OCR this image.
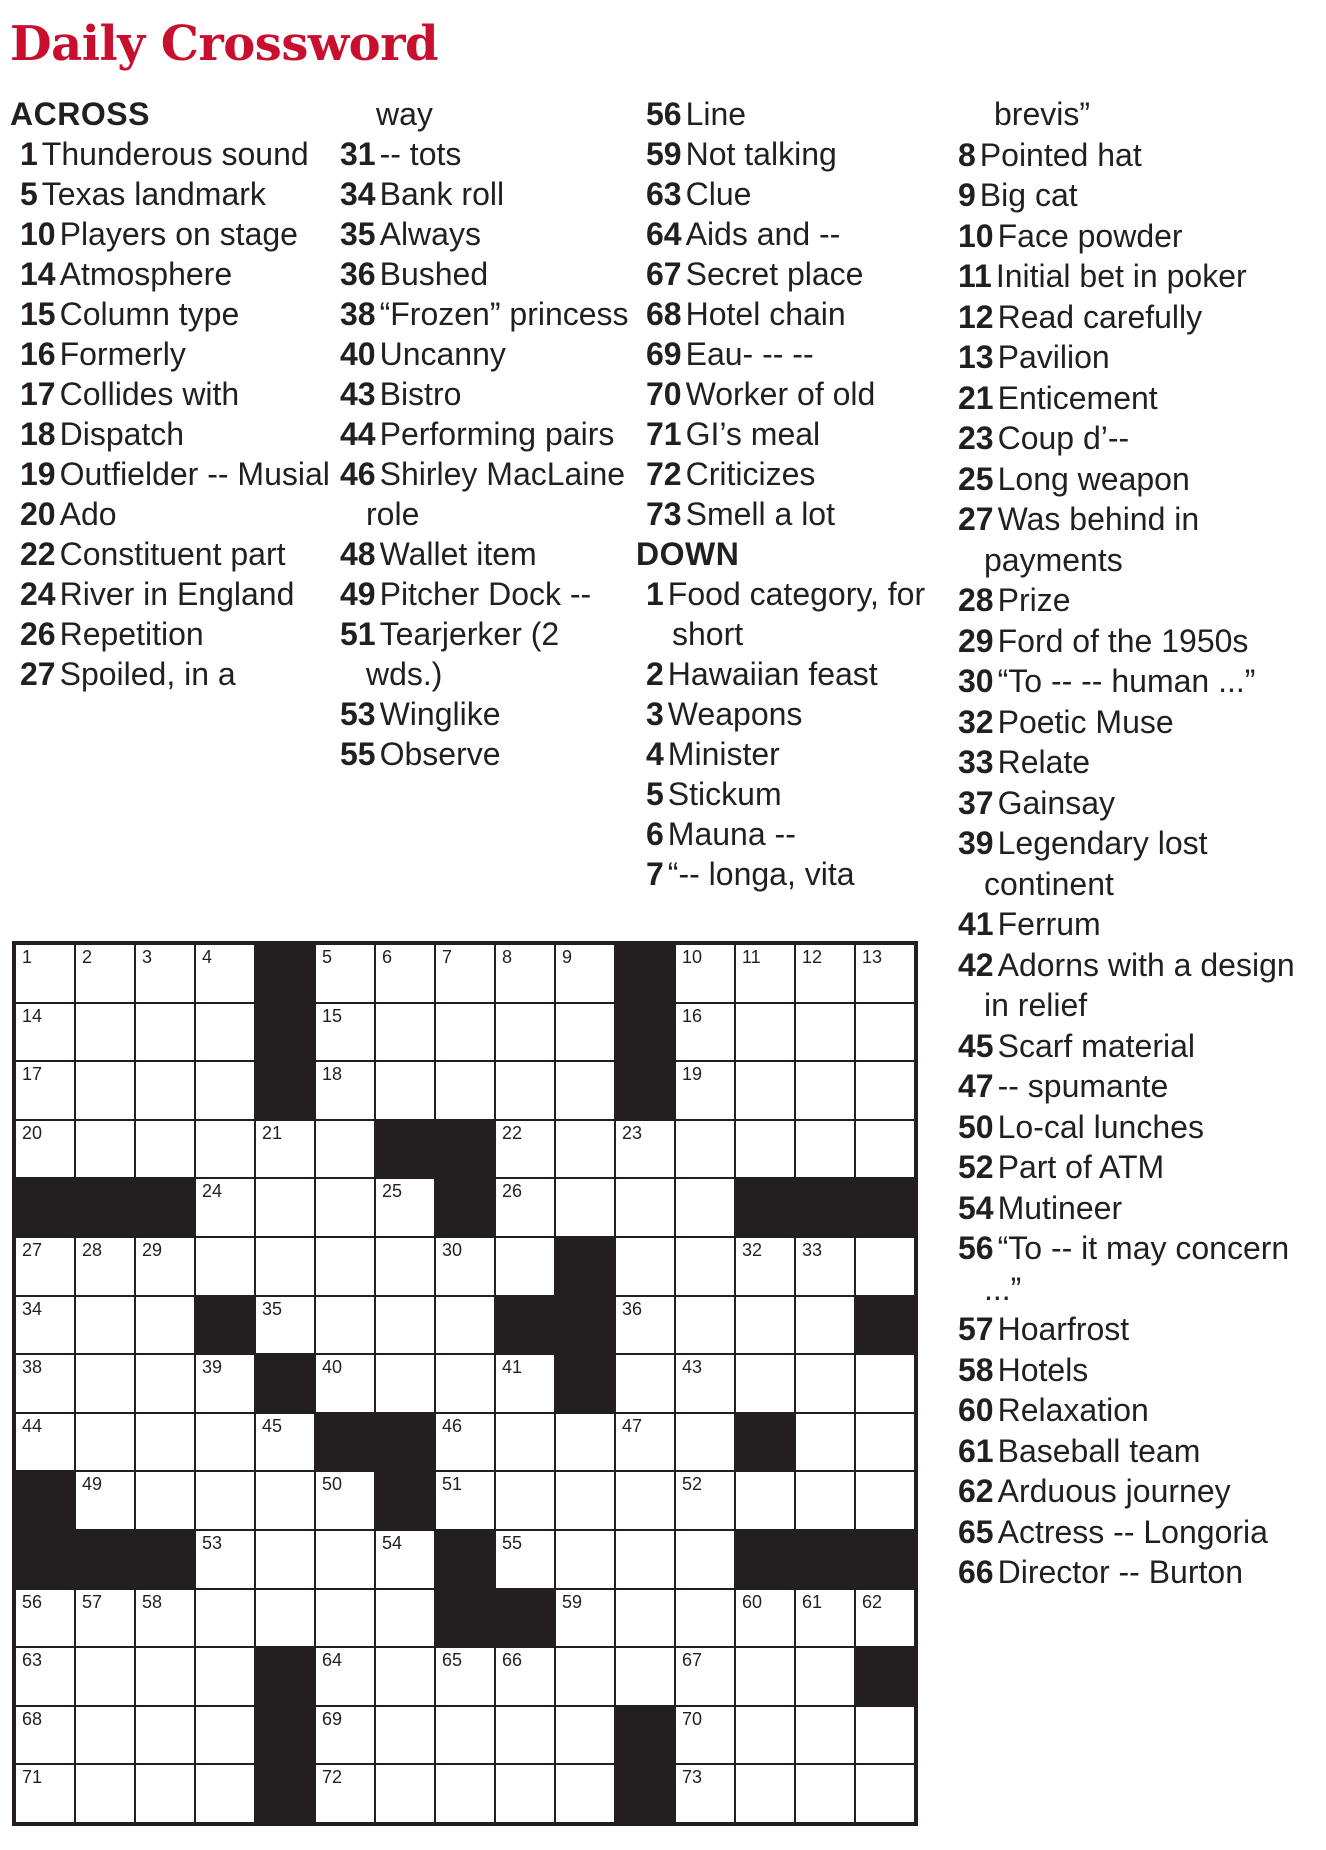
Daily Crossword
ACROSS
1 Thunderous sound
5 Texas landmark
10 Players on stage
14 Atmosphere
15 Column type
16 Formerly
17 Collides with
18 Dispatch
19 Outfielder -- Musial
20 Ado
22 Constituent part
24 River in England
26 Repetition
27 Spoiled, in a
way
31 -- tots
34 Bank roll
35 Always
36 Bushed
38 “Frozen” princess
40 Uncanny
43 Bistro
44 Performing pairs
46 Shirley MacLaine role
48 Wallet item
49 Pitcher Dock --
51 Tearjerker (2 wds.)
53 Winglike
55 Observe
56 Line
59 Not talking
63 Clue
64 Aids and --
67 Secret place
68 Hotel chain
69 Eau- -- --
70 Worker of old
71 GI’s meal
72 Criticizes
73 Smell a lot
DOWN
1 Food category, for short
2 Hawaiian feast
3 Weapons
4 Minister
5 Stickum
6 Mauna --
7 “-- longa, vita
brevis”
8 Pointed hat
9 Big cat
10 Face powder
11 Initial bet in poker
12 Read carefully
13 Pavilion
21 Enticement
23 Coup d’--
25 Long weapon
27 Was behind in payments
28 Prize
29 Ford of the 1950s
30 “To -- -- human ...”
32 Poetic Muse
33 Relate
37 Gainsay
39 Legendary lost continent
41 Ferrum
42 Adorns with a design in relief
45 Scarf material
47 -- spumante
50 Lo-cal lunches
52 Part of ATM
54 Mutineer
56 “To -- it may concern ...”
57 Hoarfrost
58 Hotels
60 Relaxation
61 Baseball team
62 Arduous journey
65 Actress -- Longoria
66 Director -- Burton
1	2	3	4	5	6	7	8	9	10 11 12 13
14	15	16
17	18	19
20	21	22	23
24	25	26
27 28 29	30	32 33
34	35	36
38	39	40	41	43
44	45	46	47
49	50	51	52
53	54	55
56 57 58	59	60 61 62
63	64	65 66	67
68	69	70
71	72	73
